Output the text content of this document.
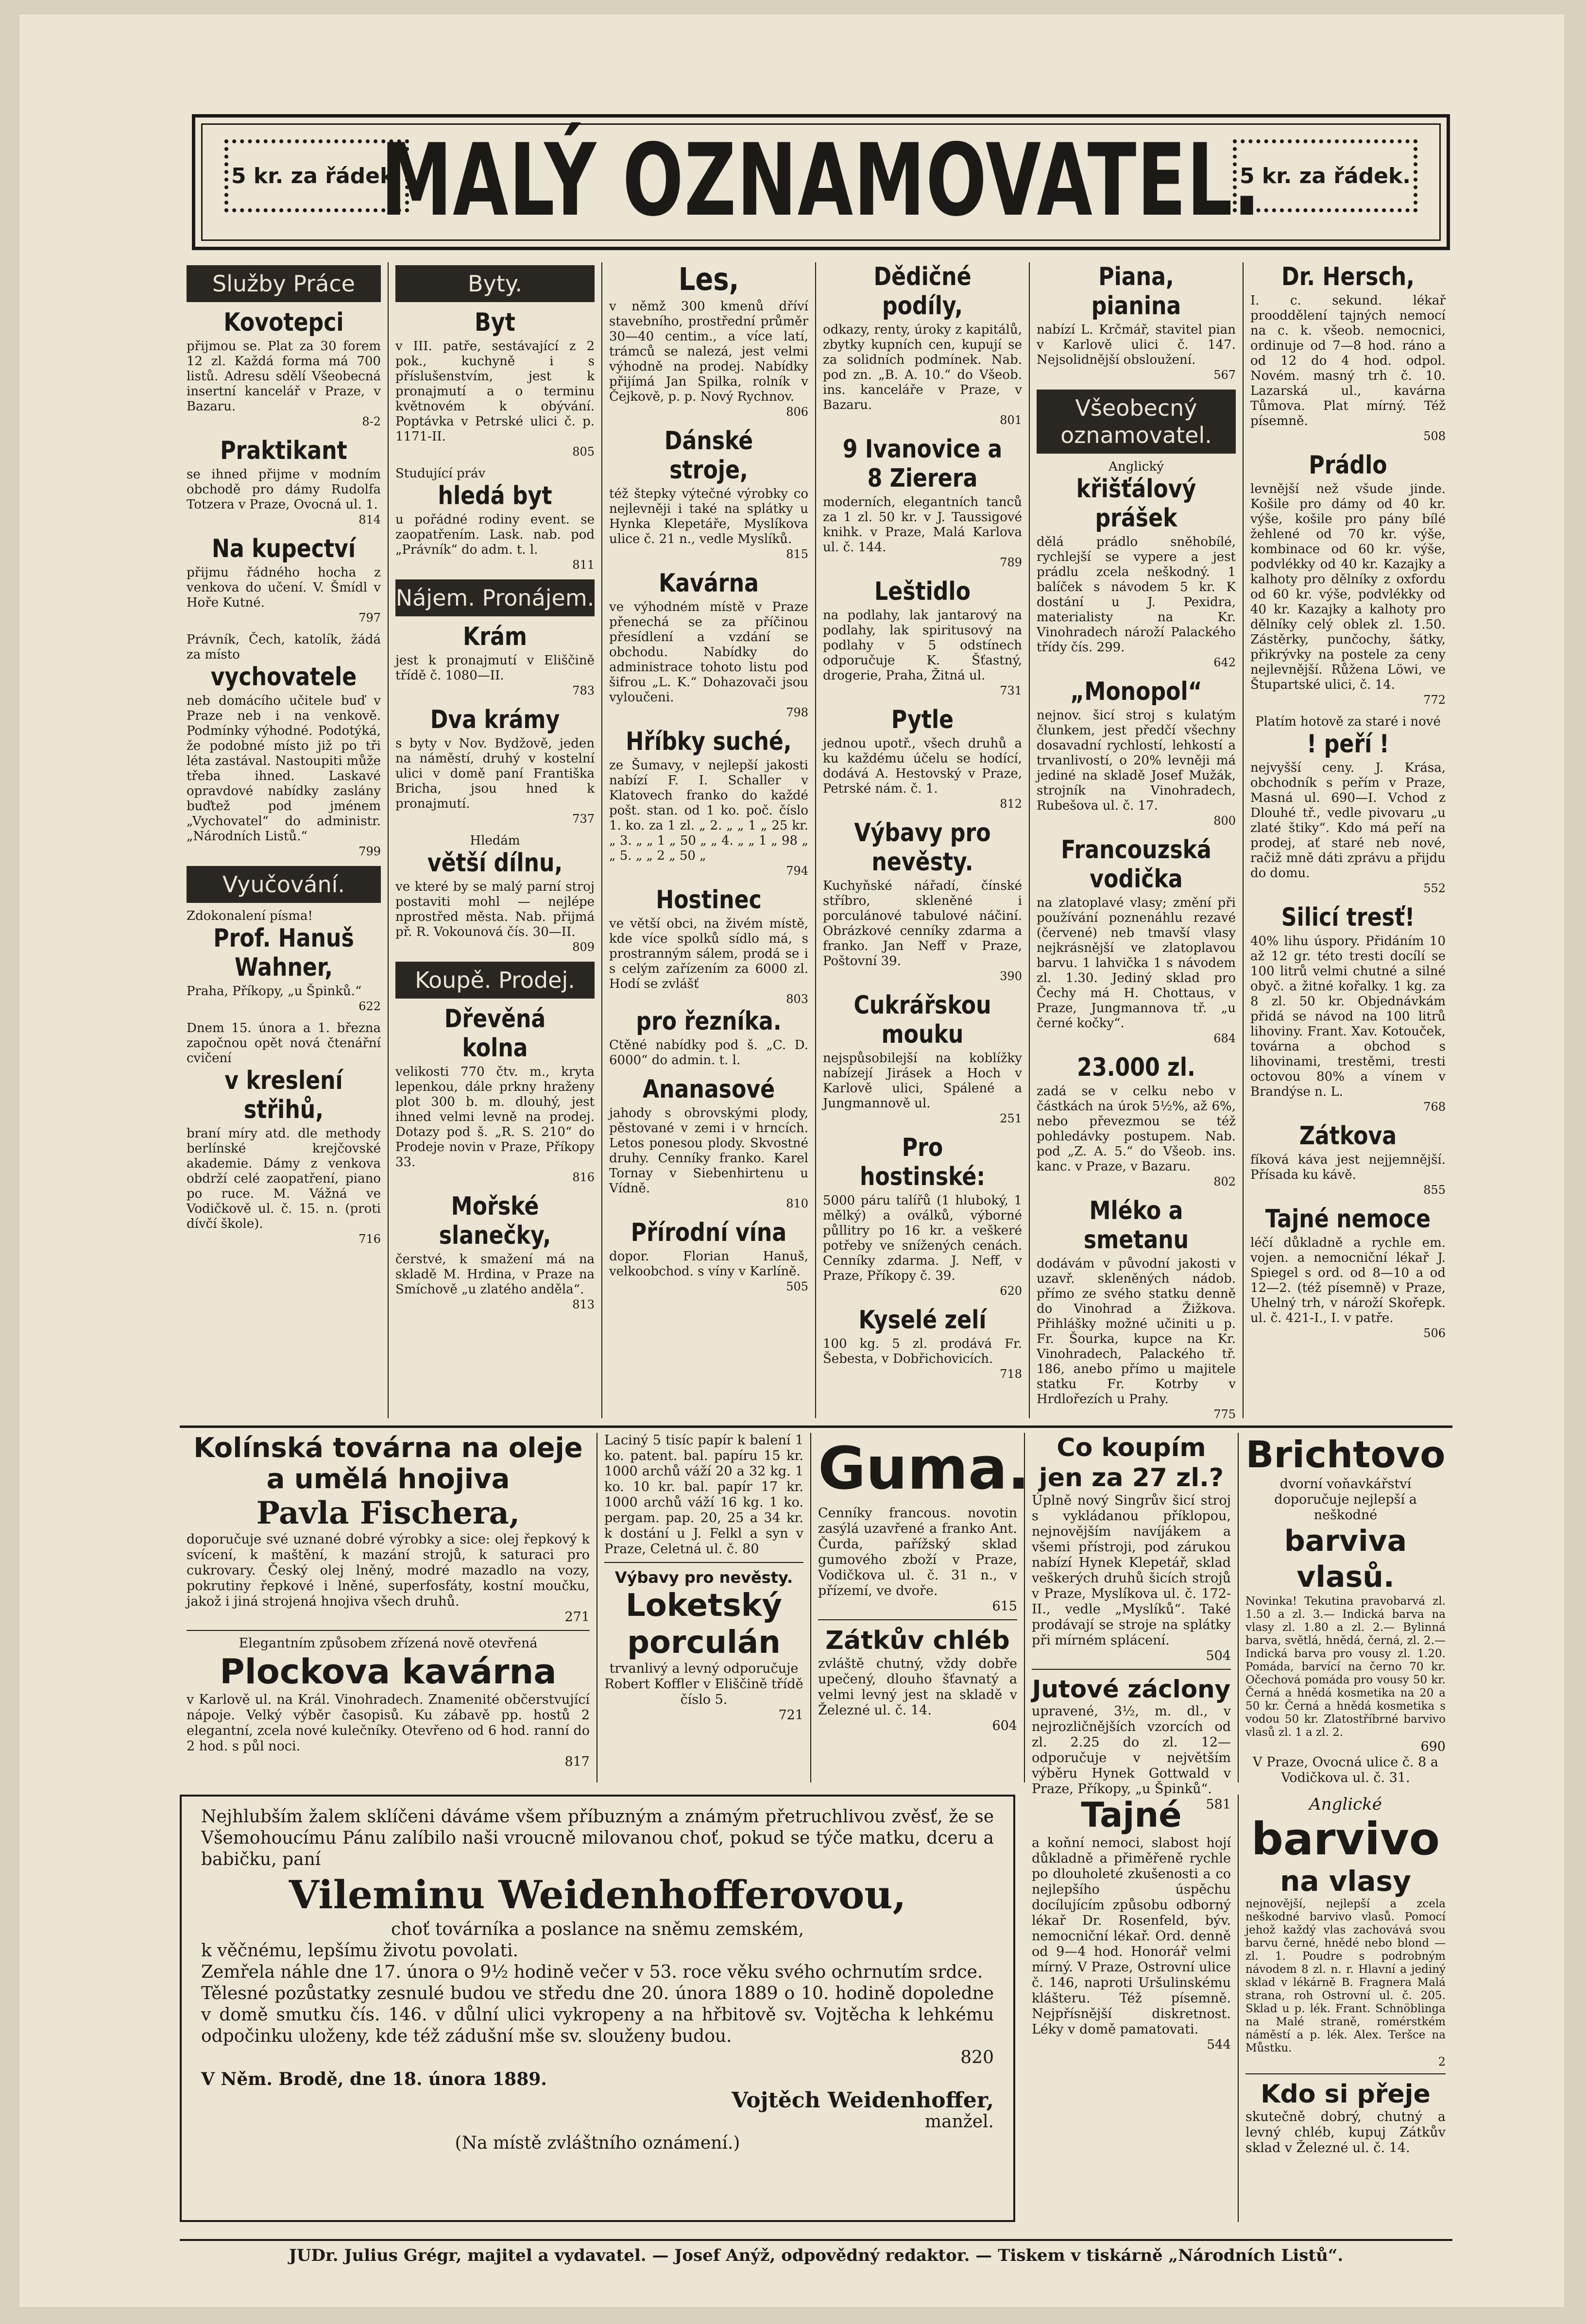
5 kr. za řádek.
MALÝ OZNAMOVATEL.
5 kr. za řádek.
Služby Práce
Kovotepci

přijmou se. Plat za 30 forem 12 zl. Každá forma má 700 listů. Adresu sdělí Všeobecná insertní kancelář v Praze, v Bazaru.

8-2

Praktikant

se ihned přijme v modním obchodě pro dámy Rudolfa Totzera v Praze, Ovocná ul. 1.

814

Na kupectví

přijmu řádného hocha z venkova do učení. V. Šmídl v Hoře Kutné.

797

Právník, Čech, katolík, žádá za místo

vychovatele

neb domácího učitele buď v Praze neb i na venkově. Podmínky výhodné. Podotýká, že podobné místo již po tři léta zastával. Nastoupiti může třeba ihned. Laskavé opravdové nabídky zaslány buďtež pod jménem „Vychovatel“ do administr. „Národních Listů.“

799

Vyučování.

Zdokonalení písma!

Prof. Hanuš Wahner,

Praha, Příkopy, „u Špinků.“

622

Dnem 15. února a 1. března započnou opět nová čtenářní cvičení

v kreslení střihů,

braní míry atd. dle methody berlínské krejčovské akademie. Dámy z venkova obdrží celé zaopatření, piano po ruce. M. Vážná ve Vodičkově ul. č. 15. n. (proti dívčí škole).

716

Byty.
Byt

v III. patře, sestávající z 2 pok., kuchyně i s příslušenstvím, jest k pronajmutí a o terminu květnovém k obývání. Poptávka v Petrské ulici č. p. 1171-II.

805

Studující práv

hledá byt

u pořádné rodiny event. se zaopatřením. Lask. nab. pod „Právník“ do adm. t. l.

811

Nájem. Pronájem.
Krám

jest k pronajmutí v Eliščině třídě č. 1080—II.

783

Dva krámy

s byty v Nov. Bydžově, jeden na náměstí, druhý v kostelní ulici v domě paní Františka Bricha, jsou hned k pronajmutí.

737

Hledám

větší dílnu,

ve které by se malý parní stroj postaviti mohl — nejlépe nprostřed města. Nab. přijmá př. R. Vokounová čís. 30—II.

809

Koupě. Prodej.
Dřevěná kolna

velikosti 770 čtv. m., kryta lepenkou, dále prkny hraženy plot 300 b. m. dlouhý, jest ihned velmi levně na prodej. Dotazy pod š. „R. S. 210“ do Prodeje novin v Praze, Příkopy 33.

816

Mořské slanečky,

čerstvé, k smažení má na skladě M. Hrdina, v Praze na Smíchově „u zlatého anděla“.

813

Les,

v němž 300 kmenů dříví stavebního, prostřední průměr 30—40 centim., a více latí, trámců se nalezá, jest velmi výhodně na prodej. Nabídky přijímá Jan Spilka, rolník v Čejkově, p. p. Nový Rychnov.

806

Dánské stroje,

též štepky výtečné výrobky co nejlevněji i také na splátky u Hynka Klepetáře, Myslíkova ulice č. 21 n., vedle Myslíků.

815

Kavárna

ve výhodném místě v Praze přenechá se za příčinou přesídlení a vzdání se obchodu. Nabídky do administrace tohoto listu pod šifrou „L. K.“ Dohazovači jsou vyloučeni.

798

Hříbky suché,

ze Šumavy, v nejlepší jakosti nabízí F. I. Schaller v Klatovech franko do každé pošt. stan. od 1 ko. poč. číslo 1. ko. za 1 zl. „ 2. „ „ 1 „ 25 kr. „ 3. „ „ 1 „ 50 „ „ 4. „ „ 1 „ 98 „ „ 5. „ „ 2 „ 50 „

794

Hostinec

ve větší obci, na živém místě, kde více spolků sídlo má, s prostranným sálem, prodá se i s celým zařízením za 6000 zl. Hodí se zvlášť

803

pro řezníka.

Ctěné nabídky pod š. „C. D. 6000“ do admin. t. l.

Ananasové

jahody s obrovskými plody, pěstované v zemi i v hrncích. Letos ponesou plody. Skvostné druhy. Cenníky franko. Karel Tornay v Siebenhirtenu u Vídně.

810

Přírodní vína

dopor. Florian Hanuš, velkoobchod. s víny v Karlíně.

505

Dědičné podíly,

odkazy, renty, úroky z kapitálů, zbytky kupních cen, kupují se za solidních podmínek. Nab. pod zn. „B. A. 10.“ do Všeob. ins. kanceláře v Praze, v Bazaru.

801

9 Ivanovice a 8 Zierera

moderních, elegantních tanců za 1 zl. 50 kr. v J. Taussigové knihk. v Praze, Malá Karlova ul. č. 144.

789

Leštidlo

na podlahy, lak jantarový na podlahy, lak spiritusový na podlahy v 5 odstínech odporučuje K. Šťastný, drogerie, Praha, Žitná ul.

731

Pytle

jednou upotř., všech druhů a ku každému účelu se hodící, dodává A. Hestovský v Praze, Petrské nám. č. 1.

812

Výbavy pro nevěsty.

Kuchyňské nářadí, čínské stříbro, skleněné i porculánové tabulové náčiní. Obrázkové cenníky zdarma a franko. Jan Neff v Praze, Poštovní 39.

390

Cukrářskou mouku

nejspůsobilejší na koblížky nabízejí Jirásek a Hoch v Karlově ulici, Spálené a Jungmannově ul.

251

Pro hostinské:

5000 páru talířů (1 hluboký, 1 mělký) a oválků, výborné půllitry po 16 kr. a veškeré potřeby ve snížených cenách. Cenníky zdarma. J. Neff, v Praze, Příkopy č. 39.

620

Kyselé zelí

100 kg. 5 zl. prodává Fr. Šebesta, v Dobřichovicích.

718

Piana, pianina

nabízí L. Krčmář, stavitel pian v Karlově ulici č. 147. Nejsolidnější obsloužení.

567

Všeobecný oznamovatel.

Anglický

křišťálový prášek

dělá prádlo sněhobílé, rychlejší se vypere a jest prádlu zcela neškodný. 1 balíček s návodem 5 kr. K dostání u J. Pexidra, materialisty na Kr. Vinohradech nároží Palackého třídy čís. 299.

642

„Monopol“

nejnov. šicí stroj s kulatým člunkem, jest předčí všechny dosavadní rychlostí, lehkostí a trvanlivostí, o 20% levněji má jediné na skladě Josef Mužák, strojník na Vinohradech, Rubešova ul. č. 17.

800

Francouzská vodička

na zlatoplavé vlasy; změní při používání poznenáhlu rezavé (červené) neb tmavší vlasy nejkrásnější ve zlatoplavou barvu. 1 lahvička 1 s návodem zl. 1.30. Jediný sklad pro Čechy má H. Chottaus, v Praze, Jungmannova tř. „u černé kočky“.

684

23.000 zl.

zadá se v celku nebo v částkách na úrok 5½%, až 6%, nebo převezmou se též pohledávky postupem. Nab. pod „Z. A. 5.“ do Všeob. ins. kanc. v Praze, v Bazaru.

802

Mléko a smetanu

dodávám v původní jakosti v uzavř. skleněných nádob. přímo ze svého statku denně do Vinohrad a Žižkova. Přihlášky možné učiniti u p. Fr. Šourka, kupce na Kr. Vinohradech, Palackého tř. 186, anebo přímo u majitele statku Fr. Kotrby v Hrdlořezích u Prahy.

775

Dr. Hersch,

I. c. sekund. lékař prooddělení tajných nemocí na c. k. všeob. nemocnici, ordinuje od 7—8 hod. ráno a od 12 do 4 hod. odpol. Novém. masný trh č. 10. Lazarská ul., kavárna Tůmova. Plat mírný. Též písemně.

508

Prádlo

levnější než všude jinde. Košile pro dámy od 40 kr. výše, košile pro pány bílé žehlené od 70 kr. výše, kombinace od 60 kr. výše, podvlékky od 40 kr. Kazajky a kalhoty pro dělníky z oxfordu od 60 kr. výše, podvlékky od 40 kr. Kazajky a kalhoty pro dělníky celý oblek zl. 1.50. Zástěrky, punčochy, šátky, přikrývky na postele za ceny nejlevnější. Růžena Löwi, ve Štupartské ulici, č. 14.

772

Platím hotově za staré i nové

! peří !

nejvyšší ceny. J. Krása, obchodník s peřím v Praze, Masná ul. 690—I. Vchod z Dlouhé tř., vedle pivovaru „u zlaté štiky“. Kdo má peří na prodej, ať staré neb nové, račiž mně dáti zprávu a přijdu do domu.

552

Silicí tresť!

40% lihu úspory. Přidáním 10 až 12 gr. této tresti docílí se 100 litrů velmi chutné a silné obyč. a žitné kořalky. 1 kg. za 8 zl. 50 kr. Objednávkám přidá se návod na 100 litrů lihoviny. Frant. Xav. Kotouček, továrna a obchod s lihovinami, trestěmi, tresti octovou 80% a vínem v Brandýse n. L.

768

Zátkova

fíková káva jest nejjemnější. Přísada ku kávě.

855

Tajné nemoce

léčí důkladně a rychle em. vojen. a nemocniční lékař J. Spiegel s ord. od 8—10 a od 12—2. (též písemně) v Praze, Uhelný trh, v nároží Skořepk. ul. č. 421-I., I. v patře.

506

Kolínská továrna na oleje a umělá hnojiva
Pavla Fischera,

doporučuje své uznané dobré výrobky a sice: olej řepkový k svícení, k maštění, k mazání strojů, k saturaci pro cukrovary. Český olej lněný, modré mazadlo na vozy, pokrutiny řepkové i lněné, superfosfáty, kostní moučku, jakož i jiná strojená hnojiva všech druhů.

271

Elegantním způsobem zřízená nově otevřená

Plockova kavárna

v Karlově ul. na Král. Vinohradech. Znamenité občerstvující nápoje. Velký výběr časopisů. Ku zábavě pp. hostů 2 elegantní, zcela nové kulečníky. Otevřeno od 6 hod. ranní do 2 hod. s půl noci.

817

Laciný 5 tisíc papír k balení 1 ko. patent. bal. papíru 15 kr. 1000 archů váží 20 a 32 kg. 1 ko. 10 kr. bal. papír 17 kr. 1000 archů váží 16 kg. 1 ko. pergam. pap. 20, 25 a 34 kr. k dostání u J. Felkl a syn v Praze, Celetná ul. č. 80

Výbavy pro nevěsty.
Loketský porculán

trvanlivý a levný odporučuje Robert Koffler v Eliščině třídě číslo 5.

721

Guma.

Cenníky francous. novotin zasýlá uzavřené a franko Ant. Čurda, pařížský sklad gumového zboží v Praze, Vodičkova ul. č. 31 n., v přízemí, ve dvoře.

615

Zátkův chléb

zvláště chutný, vždy dobře upečený, dlouho šťavnatý a velmi levný jest na skladě v Železné ul. č. 14.

604

Co koupím jen za 27 zl.?

Úplně nový Singrův šicí stroj s vykládanou příklopou, nejnovějším navíjákem a všemi přístroji, pod zárukou nabízí Hynek Klepetář, sklad veškerých druhů šicích strojů v Praze, Myslíkova ul. č. 172-II., vedle „Myslíků“. Také prodávají se stroje na splátky při mírném splácení.

504

Jutové záclony

upravené, 3½, m. dl., v nejrozličnějších vzorcích od zl. 2.25 do zl. 12— odporučuje v největším výběru Hynek Gottwald v Praze, Příkopy, „u Špinků“.

581

Brichtovo

dvorní voňavkářství doporučuje nejlepší a neškodné

barviva vlasů.

Novinka! Tekutina pravobarvá zl. 1.50 a zl. 3.— Indická barva na vlasy zl. 1.80 a zl. 2.— Bylinná barva, světlá, hnědá, černá, zl. 2.— Indická barva pro vousy zl. 1.20. Pomáda, barvící na černo 70 kr. Očechová pomáda pro vousy 50 kr. Černá a hnědá kosmetika na 20 a 50 kr. Černá a hnědá kosmetika s vodou 50 kr. Zlatostříbrné barvivo vlasů zl. 1 a zl. 2.

690

V Praze, Ovocná ulice č. 8 a Vodičkova ul. č. 31.

Nejhlubším žalem sklíčeni dáváme všem příbuzným a známým přetruchlivou zvěsť, že se Všemohoucímu Pánu zalíbilo naši vroucně milovanou choť, pokud se týče matku, dceru a babičku, paní

Vileminu Weidenhofferovou,

choť továrníka a poslance na sněmu zemském,

k věčnému, lepšímu životu povolati.

Zemřela náhle dne 17. února o 9½ hodině večer v 53. roce věku svého ochrnutím srdce.

Tělesné pozůstatky zesnulé budou ve středu dne 20. února 1889 o 10. hodině dopoledne v domě smutku čís. 146. v důlní ulici vykropeny a na hřbitově sv. Vojtěcha k lehkému odpočinku uloženy, kde též zádušní mše sv. slouženy budou.

820

V Něm. Brodě, dne 18. února 1889.

Vojtěch Weidenhoffer,

manžel.

(Na místě zvláštního oznámení.)

Tajné

a koňní nemoci, slabost hojí důkladně a přiměřeně rychle po dlouholeté zkušenosti a co nejlepšího úspěchu docílujícím způsobu odborný lékař Dr. Rosenfeld, býv. nemocniční lékař. Ord. denně od 9—4 hod. Honorář velmi mírný. V Praze, Ostrovní ulice č. 146, naproti Uršulinskému klášteru. Též písemně. Nejpřísnější diskretnost. Léky v domě pamatovati.

544

Anglické

barvivo
na vlasy

nejnovější, nejlepší a zcela neškodné barvivo vlasů. Pomocí jehož každý vlas zachovává svou barvu černé, hnědé nebo blond — zl. 1. Poudre s podrobným návodem 8 zl. n. r. Hlavní a jediný sklad v lékárně B. Fragnera Malá strana, roh Ostrovní ul. č. 205. Sklad u p. lék. Frant. Schnöblinga na Malé straně, romérstkém náměstí a p. lék. Alex. Teršce na Můstku.

2

Kdo si přeje

skutečně dobrý, chutný a levný chléb, kupuj Zátkův sklad v Železné ul. č. 14.

JUDr. Julius Grégr, majitel a vydavatel. — Josef Anýž, odpovědný redaktor. — Tiskem v tiskárně „Národních Listů“.
